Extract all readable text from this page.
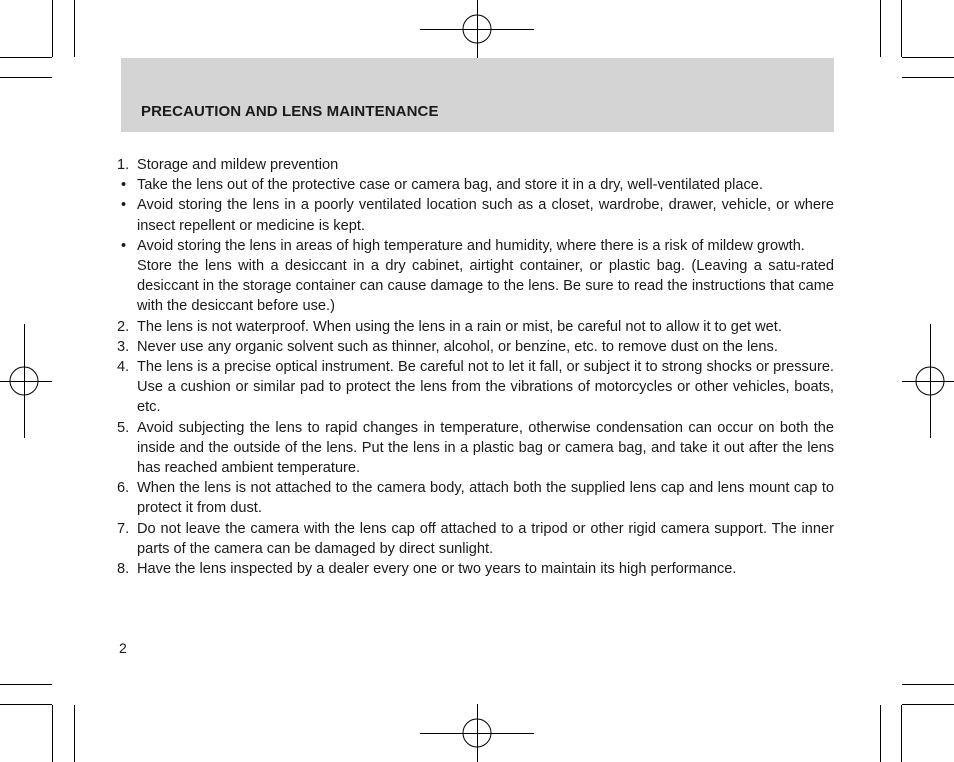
PRECAUTION AND LENS MAINTENANCE
1. Storage and mildew prevention

• Take the lens out of the protective case or camera bag, and store it in a dry, well-ventilated place.

• Avoid storing the lens in a poorly ventilated location such as a closet, wardrobe, drawer, vehicle, or where insect repellent or medicine is kept.

• Avoid storing the lens in areas of high temperature and humidity, where there is a risk of mildew growth.

Store the lens with a desiccant in a dry cabinet, airtight container, or plastic bag. (Leaving a satu-rated desiccant in the storage container can cause damage to the lens. Be sure to read the instructions that came with the desiccant before use.)

2. The lens is not waterproof. When using the lens in a rain or mist, be careful not to allow it to get wet.

3. Never use any organic solvent such as thinner, alcohol, or benzine, etc. to remove dust on the lens.

4. The lens is a precise optical instrument. Be careful not to let it fall, or subject it to strong shocks or pressure. Use a cushion or similar pad to protect the lens from the vibrations of motorcycles or other vehicles, boats, etc.

5. Avoid subjecting the lens to rapid changes in temperature, otherwise condensation can occur on both the inside and the outside of the lens. Put the lens in a plastic bag or camera bag, and take it out after the lens has reached ambient temperature.

6. When the lens is not attached to the camera body, attach both the supplied lens cap and lens mount cap to protect it from dust.

7. Do not leave the camera with the lens cap off attached to a tripod or other rigid camera support. The inner parts of the camera can be damaged by direct sunlight.

8. Have the lens inspected by a dealer every one or two years to maintain its high performance.

2
